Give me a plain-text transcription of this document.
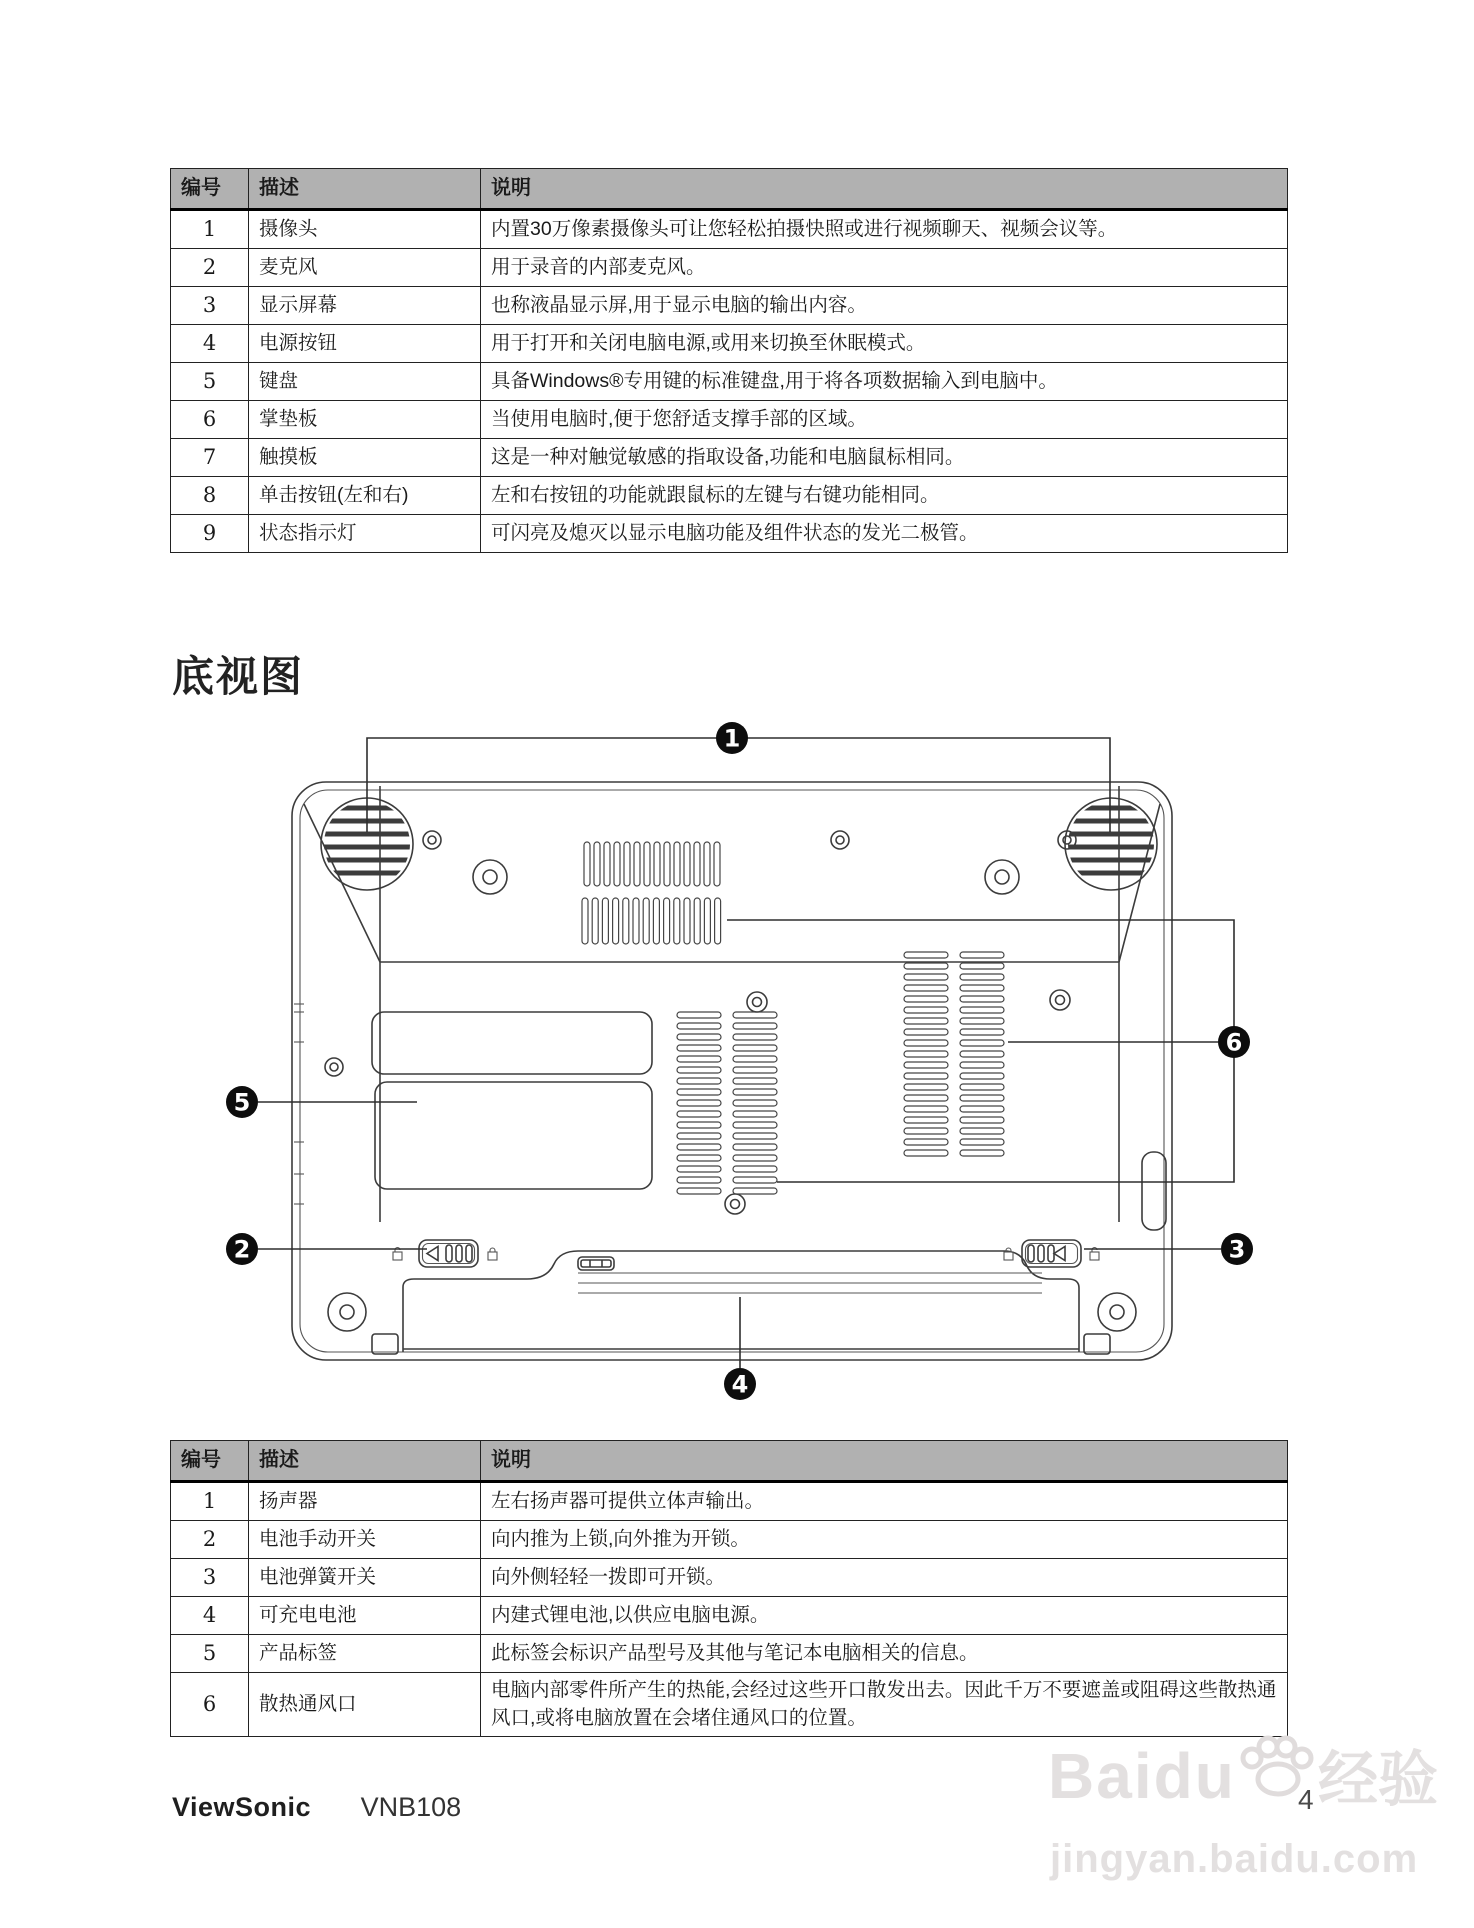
编号	描述	说明
1	摄像头	内置30万像素摄像头可让您轻松拍摄快照或进行视频聊天、视频会议等。
2	麦克风	用于录音的内部麦克风。
3	显示屏幕	也称液晶显示屏,用于显示电脑的输出内容。
4	电源按钮	用于打开和关闭电脑电源,或用来切换至休眠模式。
5	键盘	具备Windows®专用键的标准键盘,用于将各项数据输入到电脑中。
6	掌垫板	当使用电脑时,便于您舒适支撑手部的区域。
7	触摸板	这是一种对触觉敏感的指取设备,功能和电脑鼠标相同。
8	单击按钮(左和右)	左和右按钮的功能就跟鼠标的左键与右键功能相同。
9	状态指示灯	可闪亮及熄灭以显示电脑功能及组件状态的发光二极管。
底视图
1
2	3
4
5
6
编号	描述	说明
1	扬声器	左右扬声器可提供立体声输出。
2	电池手动开关	向内推为上锁,向外推为开锁。
3	电池弹簧开关	向外侧轻轻一拨即可开锁。
4	可充电电池	内建式锂电池,以供应电脑电源。
5	产品标签	此标签会标识产品型号及其他与笔记本电脑相关的信息。
6	散热通风口	电脑内部零件所产生的热能,会经过这些开口散发出去。因此千万不要遮盖或阻碍这些散热通风口,或将电脑放置在会堵住通风口的位置。
ViewSonic VNB108	4
Baidu 经验
jingyan.baidu.com
